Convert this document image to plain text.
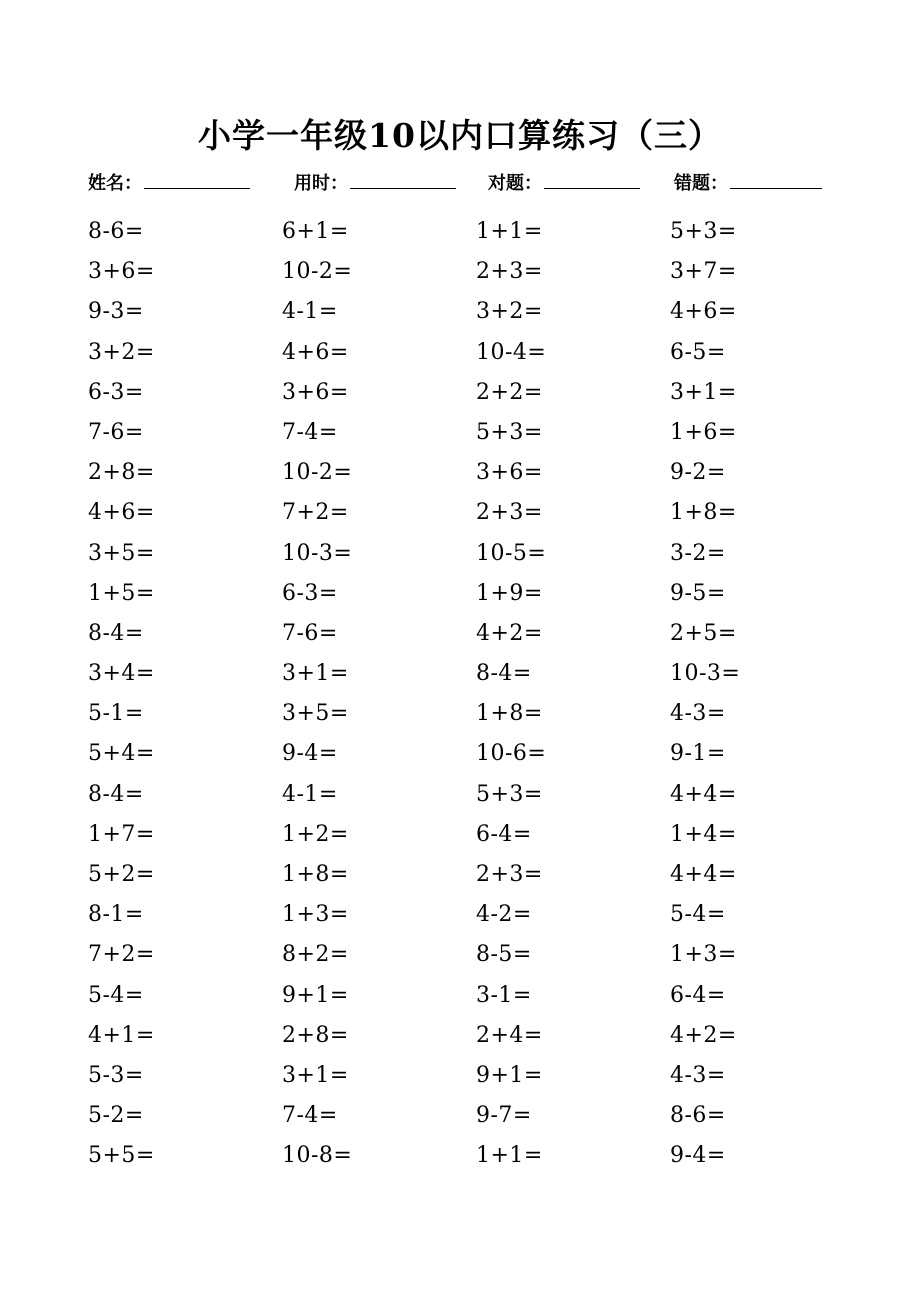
小学一年级10以内口算练习（三）
姓名：	用时：	对题：	错题：
8-6=	6+1=	1+1=	5+3=
3+6=	10-2=	2+3=	3+7=
9-3=	4-1=	3+2=	4+6=
3+2=	4+6=	10-4=	6-5=
6-3=	3+6=	2+2=	3+1=
7-6=	7-4=	5+3=	1+6=
2+8=	10-2=	3+6=	9-2=
4+6=	7+2=	2+3=	1+8=
3+5=	10-3=	10-5=	3-2=
1+5=	6-3=	1+9=	9-5=
8-4=	7-6=	4+2=	2+5=
3+4=	3+1=	8-4=	10-3=
5-1=	3+5=	1+8=	4-3=
5+4=	9-4=	10-6=	9-1=
8-4=	4-1=	5+3=	4+4=
1+7=	1+2=	6-4=	1+4=
5+2=	1+8=	2+3=	4+4=
8-1=	1+3=	4-2=	5-4=
7+2=	8+2=	8-5=	1+3=
5-4=	9+1=	3-1=	6-4=
4+1=	2+8=	2+4=	4+2=
5-3=	3+1=	9+1=	4-3=
5-2=	7-4=	9-7=	8-6=
5+5=	10-8=	1+1=	9-4=
